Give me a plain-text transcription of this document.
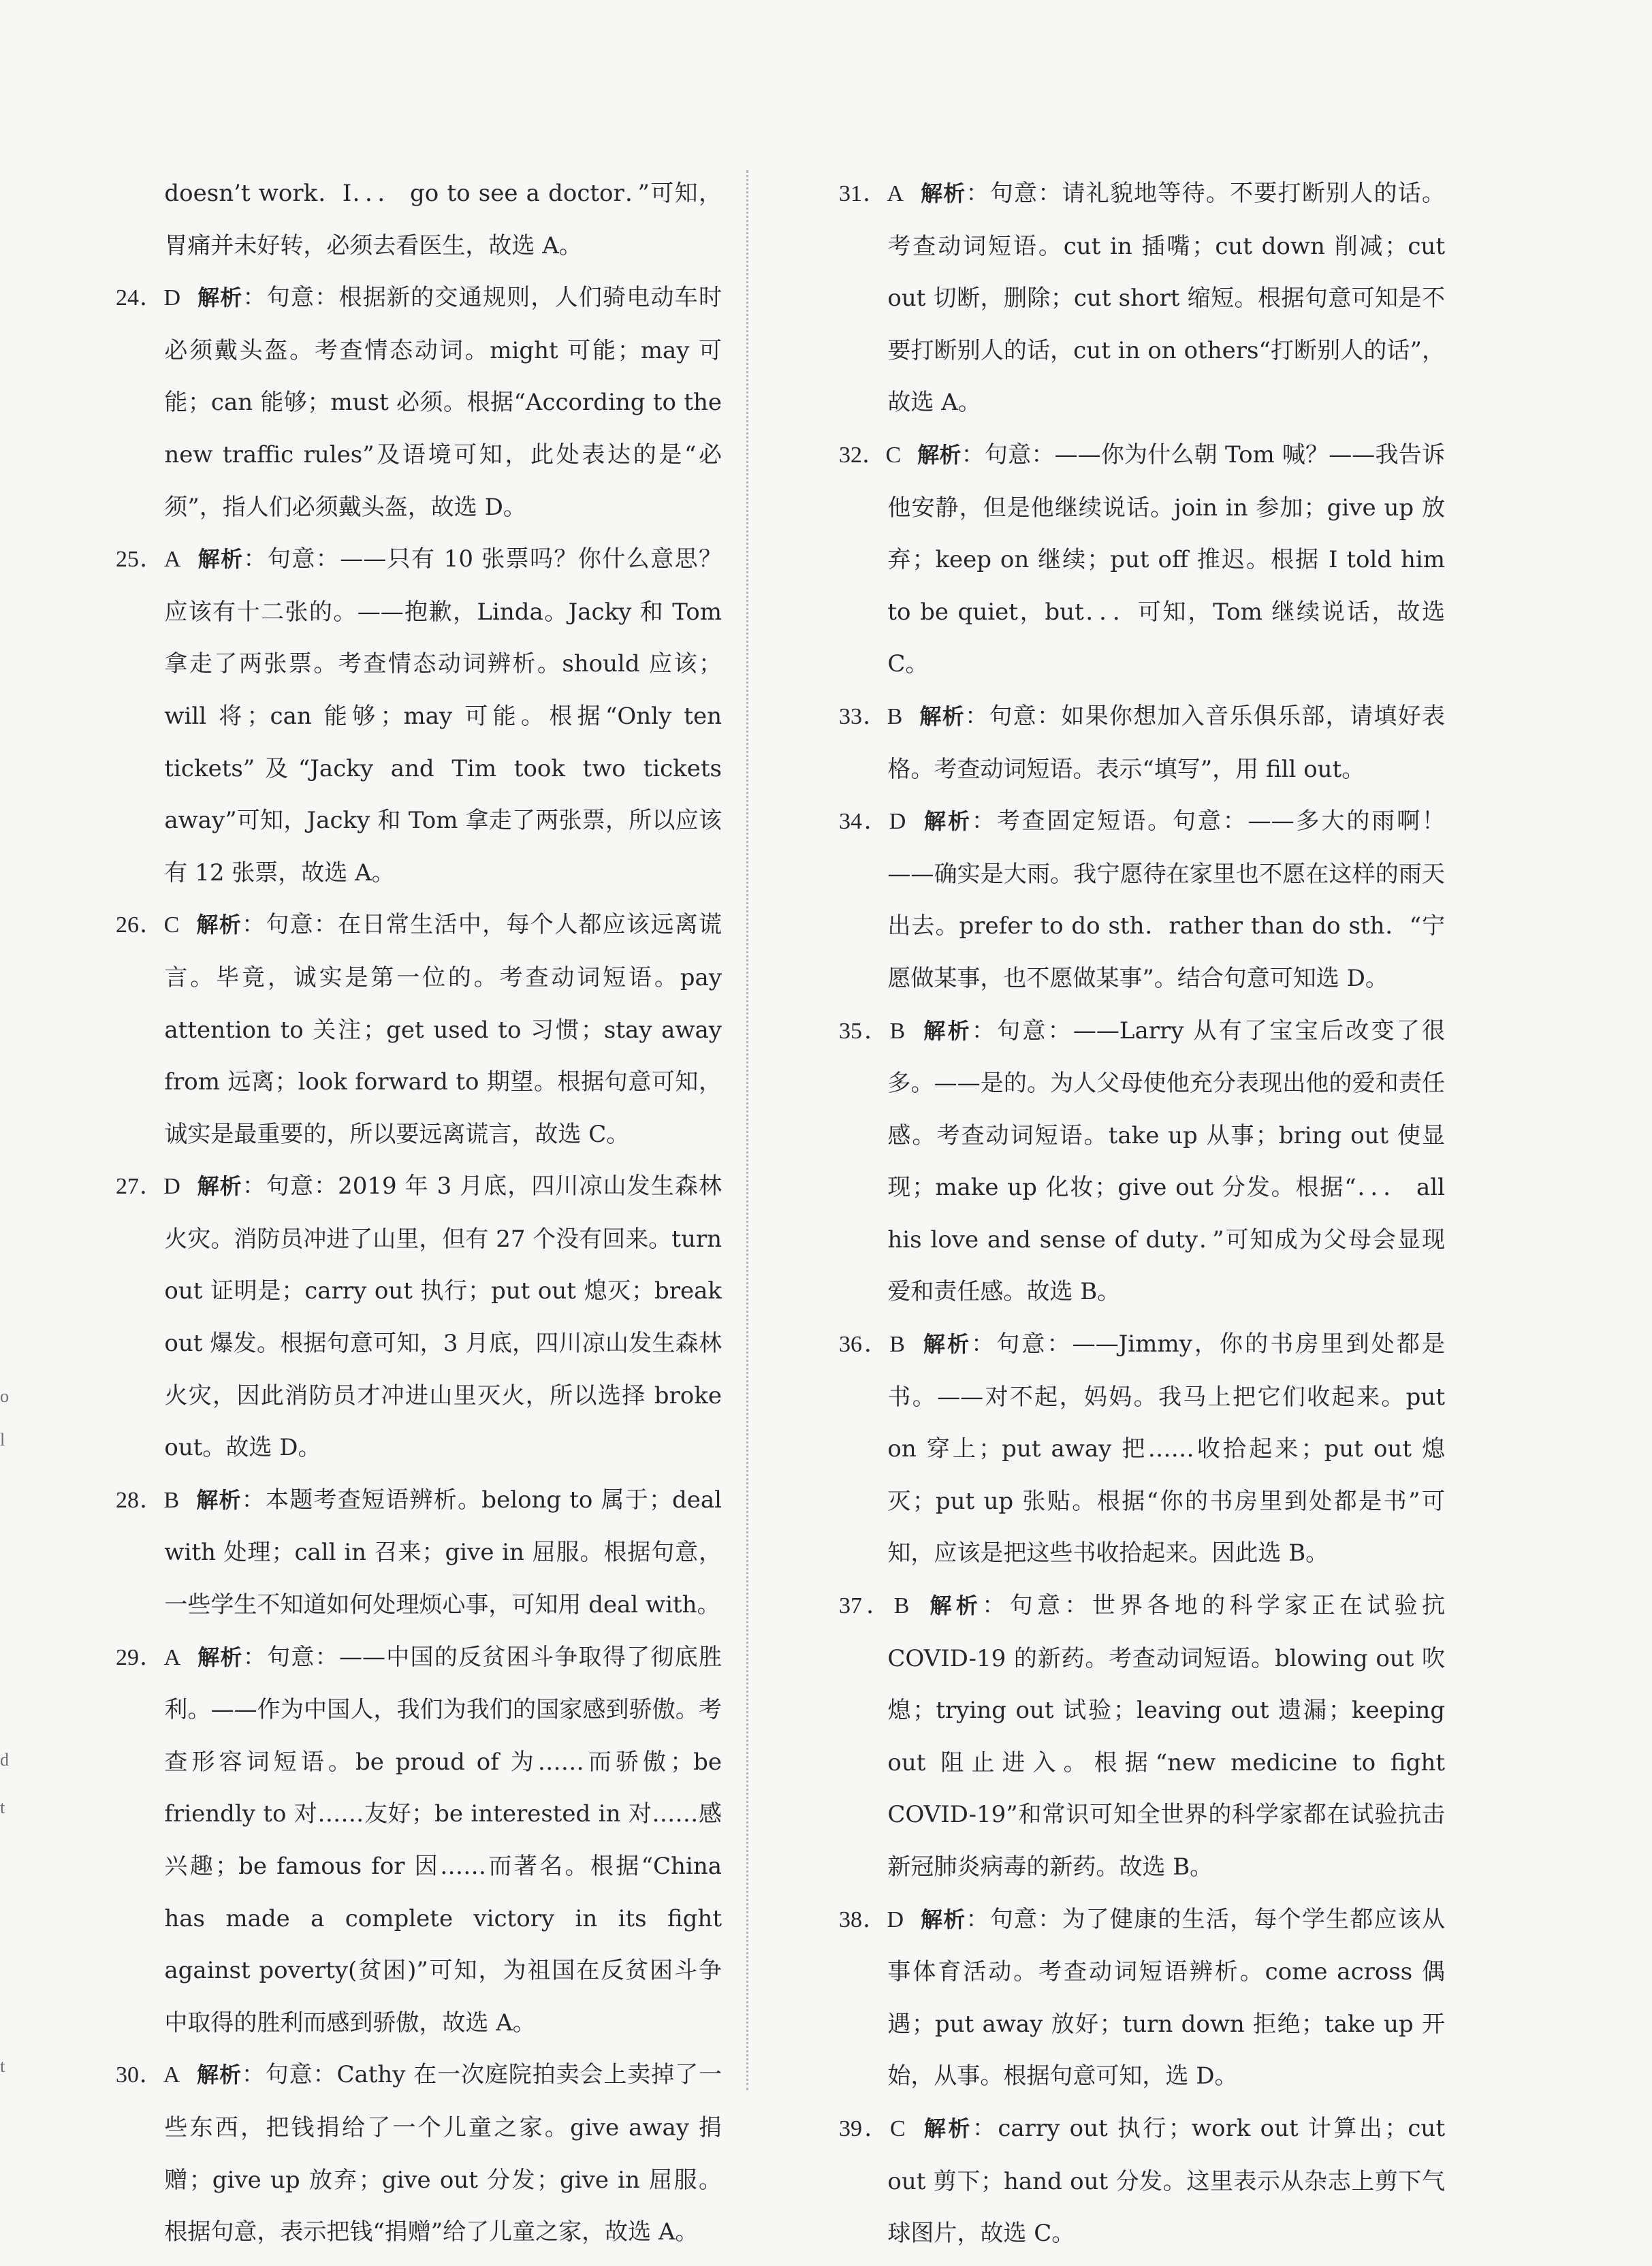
o
l
d
t
t

doesn’t work．I．．． go to see a doctor．”可知，胃痛并未好转，必须去看医生，故选 A。

24．D 解析：句意：根据新的交通规则，人们骑电动车时必须戴头盔。考查情态动词。might 可能；may 可能；can 能够；must 必须。根据“According to the new traffic rules”及语境可知，此处表达的是“必须”，指人们必须戴头盔，故选 D。

25．A 解析：句意：——只有 10 张票吗？你什么意思？应该有十二张的。——抱歉，Linda。Jacky 和 Tom 拿走了两张票。考查情态动词辨析。should 应该；will 将；can 能够；may 可能。根据“Only ten tickets”及“Jacky and Tim took two tickets away”可知，Jacky 和 Tom 拿走了两张票，所以应该有 12 张票，故选 A。

26．C 解析：句意：在日常生活中，每个人都应该远离谎言。毕竟，诚实是第一位的。考查动词短语。pay attention to 关注；get used to 习惯；stay away from 远离；look forward to 期望。根据句意可知，诚实是最重要的，所以要远离谎言，故选 C。

27．D 解析：句意：2019 年 3 月底，四川凉山发生森林火灾。消防员冲进了山里，但有 27 个没有回来。turn out 证明是；carry out 执行；put out 熄灭；break out 爆发。根据句意可知，3 月底，四川凉山发生森林火灾，因此消防员才冲进山里灭火，所以选择 broke out。故选 D。

28．B 解析：本题考查短语辨析。belong to 属于；deal with 处理；call in 召来；give in 屈服。根据句意，一些学生不知道如何处理烦心事，可知用 deal with。

29．A 解析：句意：——中国的反贫困斗争取得了彻底胜利。——作为中国人，我们为我们的国家感到骄傲。考查形容词短语。be proud of 为……而骄傲；be friendly to 对……友好；be interested in 对……感兴趣；be famous for 因……而著名。根据“China has made a complete victory in its fight against poverty(贫困)”可知，为祖国在反贫困斗争中取得的胜利而感到骄傲，故选 A。

30．A 解析：句意：Cathy 在一次庭院拍卖会上卖掉了一些东西，把钱捐给了一个儿童之家。give away 捐赠；give up 放弃；give out 分发；give in 屈服。根据句意，表示把钱“捐赠”给了儿童之家，故选 A。

31．A 解析：句意：请礼貌地等待。不要打断别人的话。考查动词短语。cut in 插嘴；cut down 削减；cut out 切断，删除；cut short 缩短。根据句意可知是不要打断别人的话，cut in on others“打断别人的话”，故选 A。

32．C 解析：句意：——你为什么朝 Tom 喊？——我告诉他安静，但是他继续说话。join in 参加；give up 放弃；keep on 继续；put off 推迟。根据 I told him to be quiet，but．．．可知，Tom 继续说话，故选 C。

33．B 解析：句意：如果你想加入音乐俱乐部，请填好表格。考查动词短语。表示“填写”，用 fill out。

34．D 解析：考查固定短语。句意：——多大的雨啊！——确实是大雨。我宁愿待在家里也不愿在这样的雨天出去。prefer to do sth．rather than do sth．“宁愿做某事，也不愿做某事”。结合句意可知选 D。

35．B 解析：句意：——Larry 从有了宝宝后改变了很多。——是的。为人父母使他充分表现出他的爱和责任感。考查动词短语。take up 从事；bring out 使显现；make up 化妆；give out 分发。根据“．．． all his love and sense of duty．”可知成为父母会显现爱和责任感。故选 B。

36．B 解析：句意：——Jimmy，你的书房里到处都是书。——对不起，妈妈。我马上把它们收起来。put on 穿上；put away 把……收拾起来；put out 熄灭；put up 张贴。根据“你的书房里到处都是书”可知，应该是把这些书收拾起来。因此选 B。

37．B 解析：句意：世界各地的科学家正在试验抗 COVID-19 的新药。考查动词短语。blowing out 吹熄；trying out 试验；leaving out 遗漏；keeping out 阻止进入。根据“new medicine to fight COVID-19”和常识可知全世界的科学家都在试验抗击新冠肺炎病毒的新药。故选 B。

38．D 解析：句意：为了健康的生活，每个学生都应该从事体育活动。考查动词短语辨析。come across 偶遇；put away 放好；turn down 拒绝；take up 开始，从事。根据句意可知，选 D。

39．C 解析：carry out 执行；work out 计算出；cut out 剪下；hand out 分发。这里表示从杂志上剪下气球图片，故选 C。
